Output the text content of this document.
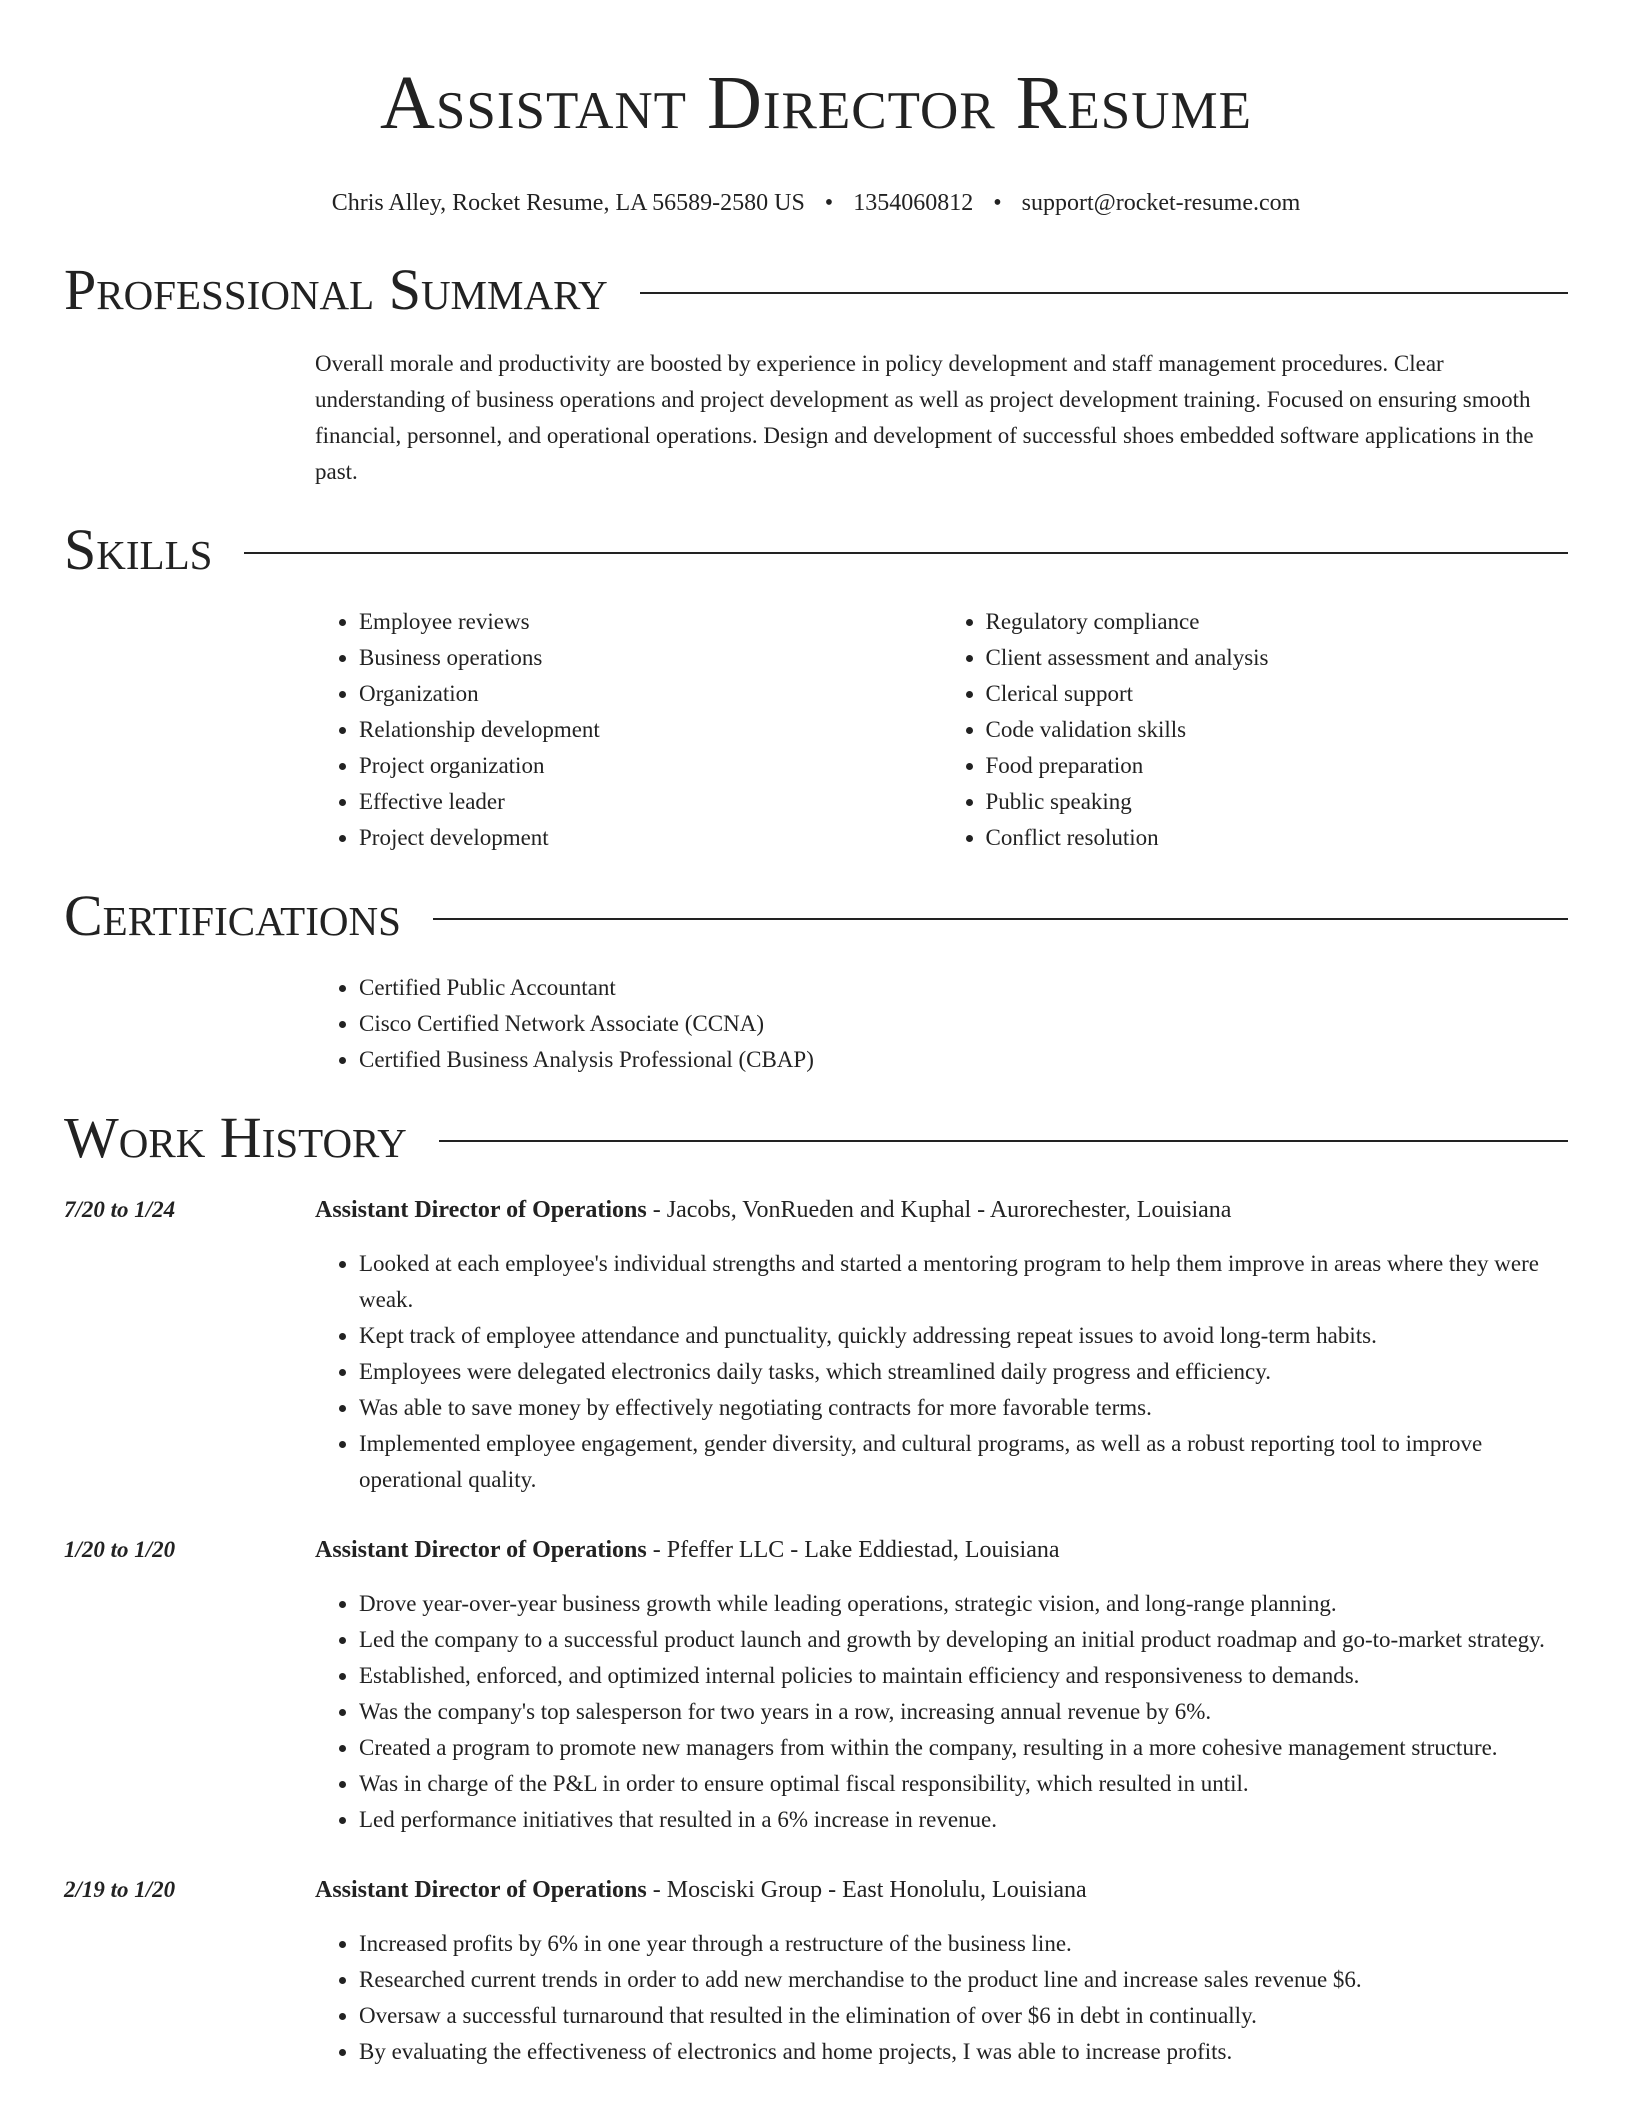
Assistant Director Resume
Chris Alley, Rocket Resume, LA 56589-2580 US • 1354060812 • support@rocket-resume.com
Professional Summary

Overall morale and productivity are boosted by experience in policy development and staff management procedures. Clear understanding of business operations and project development as well as project development training. Focused on ensuring smooth financial, personnel, and operational operations. Design and development of successful shoes embedded software applications in the past.

Skills
• Employee reviews
• Business operations
• Organization
• Relationship development
• Project organization
• Effective leader
• Project development
• Regulatory compliance
• Client assessment and analysis
• Clerical support
• Code validation skills
• Food preparation
• Public speaking
• Conflict resolution
Certifications
• Certified Public Accountant
• Cisco Certified Network Associate (CCNA)
• Certified Business Analysis Professional (CBAP)
Work History
7/20 to 1/24	Assistant Director of Operations - Jacobs, VonRueden and Kuphal - Aurorechester, Louisiana
• Looked at each employee's individual strengths and started a mentoring program to help them improve in areas where they were weak.
• Kept track of employee attendance and punctuality, quickly addressing repeat issues to avoid long-term habits.
• Employees were delegated electronics daily tasks, which streamlined daily progress and efficiency.
• Was able to save money by effectively negotiating contracts for more favorable terms.
• Implemented employee engagement, gender diversity, and cultural programs, as well as a robust reporting tool to improve operational quality.
1/20 to 1/20	Assistant Director of Operations - Pfeffer LLC - Lake Eddiestad, Louisiana
• Drove year-over-year business growth while leading operations, strategic vision, and long-range planning.
• Led the company to a successful product launch and growth by developing an initial product roadmap and go-to-market strategy.
• Established, enforced, and optimized internal policies to maintain efficiency and responsiveness to demands.
• Was the company's top salesperson for two years in a row, increasing annual revenue by 6%.
• Created a program to promote new managers from within the company, resulting in a more cohesive management structure.
• Was in charge of the P&L in order to ensure optimal fiscal responsibility, which resulted in until.
• Led performance initiatives that resulted in a 6% increase in revenue.
2/19 to 1/20	Assistant Director of Operations - Mosciski Group - East Honolulu, Louisiana
• Increased profits by 6% in one year through a restructure of the business line.
• Researched current trends in order to add new merchandise to the product line and increase sales revenue $6.
• Oversaw a successful turnaround that resulted in the elimination of over $6 in debt in continually.
• By evaluating the effectiveness of electronics and home projects, I was able to increase profits.
